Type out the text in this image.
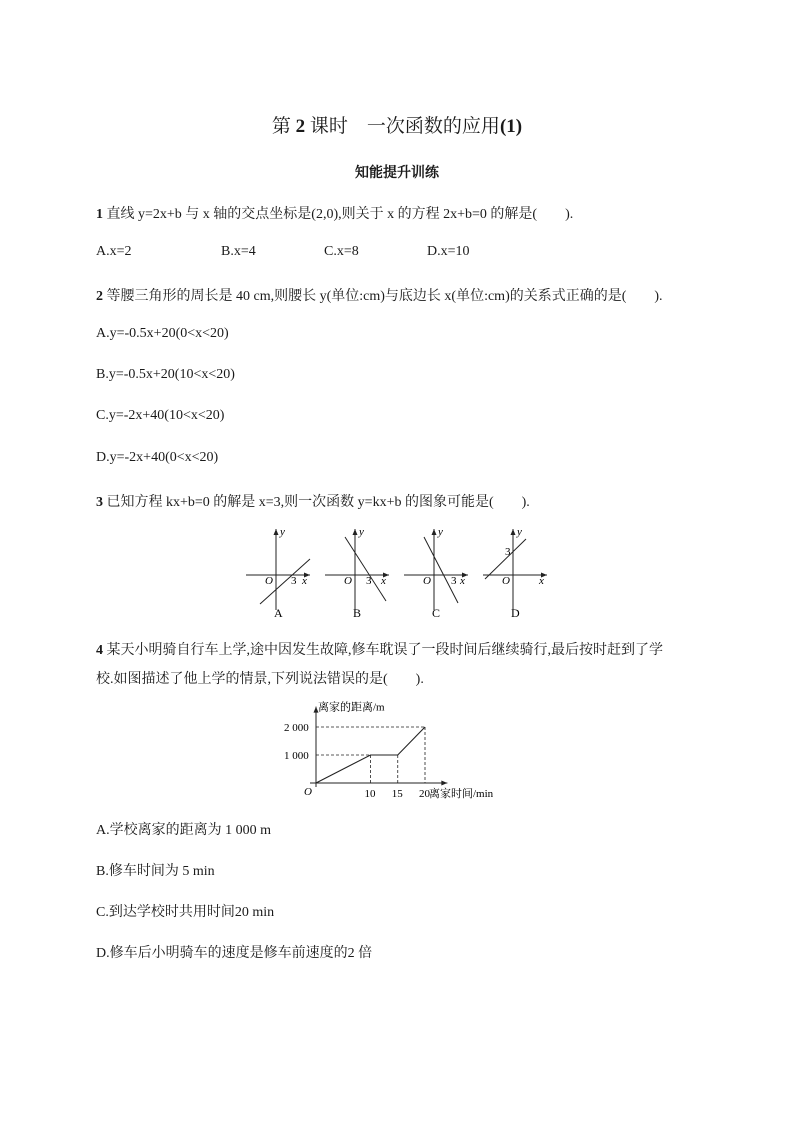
第 2 课时　一次函数的应用(1)
知能提升训练
1 直线 y=2x+b 与 x 轴的交点坐标是(2,0),则关于 x 的方程 2x+b=0 的解是(　　).
A.x=2	B.x=4	C.x=8	D.x=10
2 等腰三角形的周长是 40 cm,则腰长 y(单位:cm)与底边长 x(单位:cm)的关系式正确的是(　　).
A.y=-0.5x+20(0<x<20)
B.y=-0.5x+20(10<x<20)
C.y=-2x+40(10<x<20)
D.y=-2x+40(0<x<20)
3 已知方程 kx+b=0 的解是 x=3,则一次函数 y=kx+b 的图象可能是(　　).
y
x
O 3
A
y
x
O 3
B
y
x
O 3
C
y
x
O
3
D
4 某天小明骑自行车上学,途中因发生故障,修车耽误了一段时间后继续骑行,最后按时赶到了学
校.如图描述了他上学的情景,下列说法错误的是(　　).
10 15 20
1 000
2 000
O
离家的距离/m
离家时间/min
A.学校离家的距离为 1 000 m
B.修车时间为 5 min
C.到达学校时共用时间20 min
D.修车后小明骑车的速度是修车前速度的2 倍
